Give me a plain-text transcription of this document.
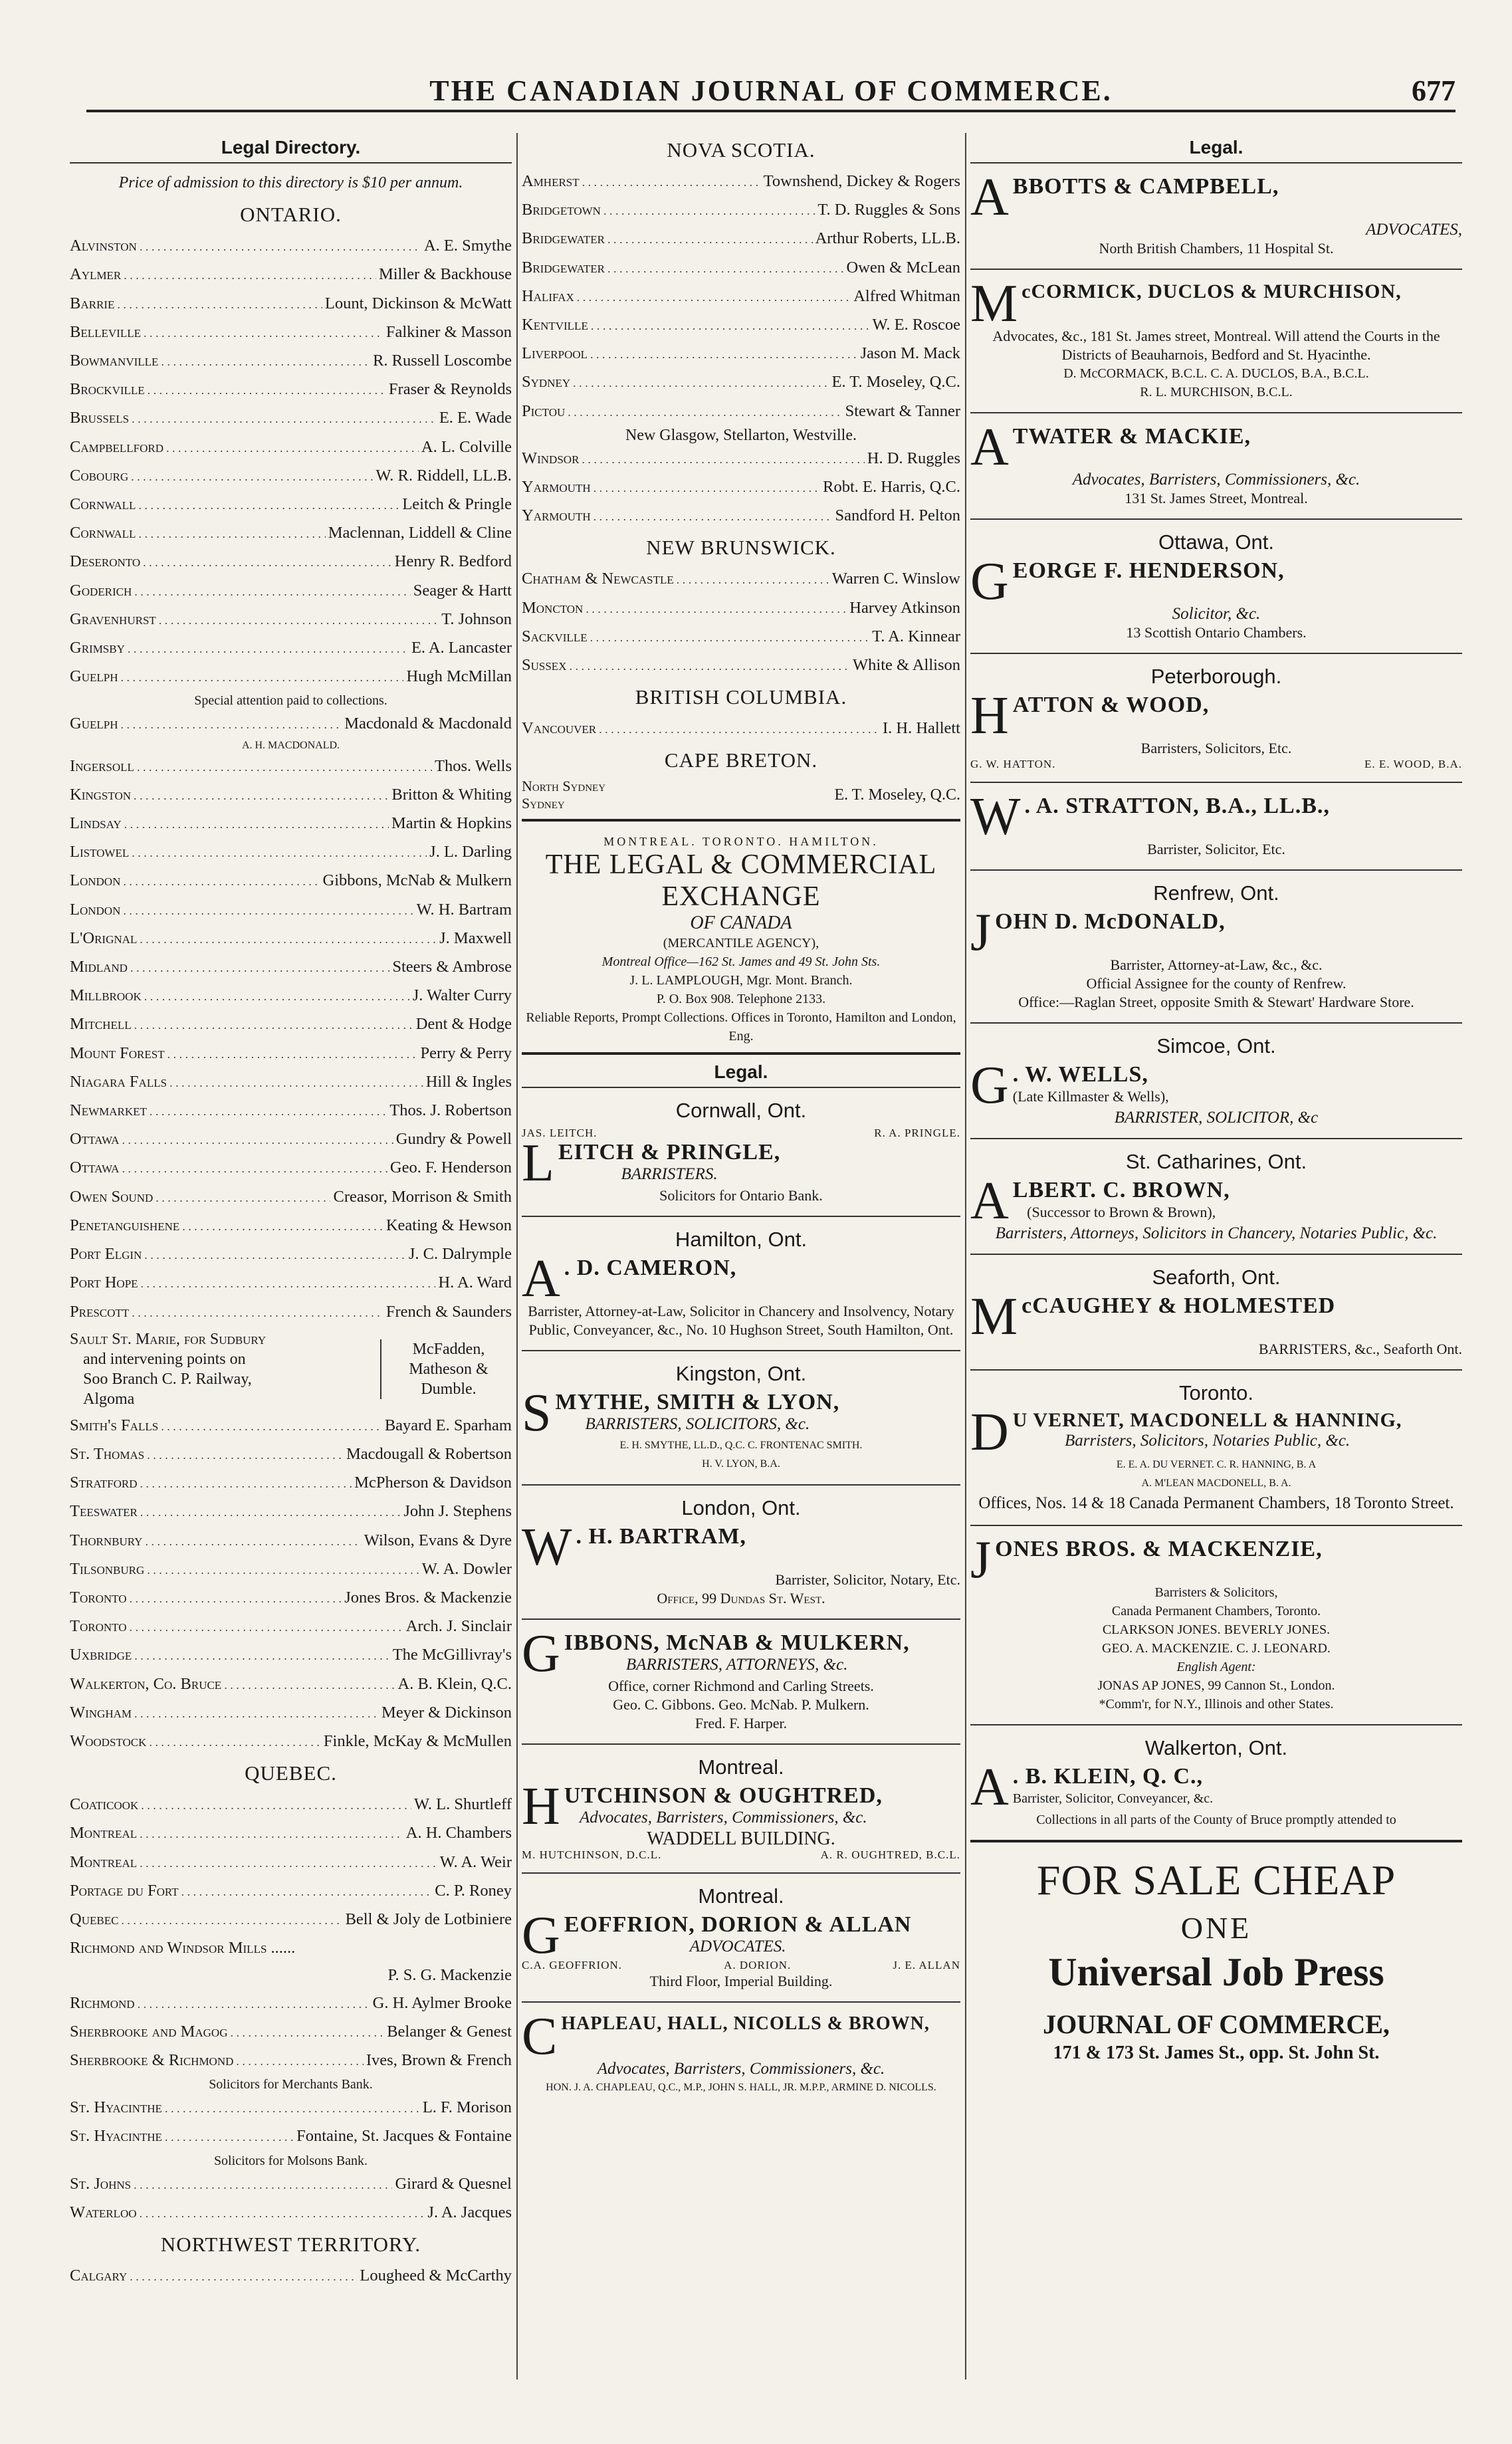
THE CANADIAN JOURNAL OF COMMERCE.	677
Legal Directory.
Price of admission to this directory is $10 per annum.
ONTARIO.
Alvinston . . .	A. E. Smythe
Aylmer . . .	Miller & Backhouse
Barrie . . .	Lount, Dickinson & McWatt
Belleville . . .	Falkiner & Masson
Bowmanville . . .	R. Russell Loscombe
Brockville . . .	Fraser & Reynolds
Brussels . . .	E. E. Wade
Campbellford . . .	A. L. Colville
Cobourg . . .	W. R. Riddell, LL.B.
Cornwall . . .	Leitch & Pringle
Cornwall . . .	Maclennan, Liddell & Cline
Deseronto . . .	Henry R. Bedford
Goderich . . .	Seager & Hartt
Gravenhurst . . .	T. Johnson
Grimsby . . .	E. A. Lancaster
Guelph . . .	Hugh McMillan
Special attention paid to collections.
Guelph . . .	Macdonald & Macdonald
A. H. MACDONALD.
Ingersoll . . .	Thos. Wells
Kingston . . .	Britton & Whiting
Lindsay . . .	Martin & Hopkins
Listowel . . .	J. L. Darling
London . . .	Gibbons, McNab & Mulkern
London . . .	W. H. Bartram
L'Orignal . . .	J. Maxwell
Midland . . .	Steers & Ambrose
Millbrook . . .	J. Walter Curry
Mitchell . . .	Dent & Hodge
Mount Forest . . .	Perry & Perry
Niagara Falls . . .	Hill & Ingles
Newmarket . . .	Thos. J. Robertson
Ottawa . . .	Gundry & Powell
Ottawa . . .	Geo. F. Henderson
Owen Sound . . .	Creasor, Morrison & Smith
Penetanguishene . . .	Keating & Hewson
Port Elgin . . .	J. C. Dalrymple
Port Hope . . .	H. A. Ward
Prescott . . .	French & Saunders
Sault St. Marie, for Sudbury
and intervening points on
Soo Branch C. P. Railway,
Algoma
McFadden, Matheson & Dumble.
Smith's Falls . . .	Bayard E. Sparham
St. Thomas . . .	Macdougall & Robertson
Stratford . . .	McPherson & Davidson
Teeswater . . .	John J. Stephens
Thornbury . . .	Wilson, Evans & Dyre
Tilsonburg . . .	W. A. Dowler
Toronto . . .	Jones Bros. & Mackenzie
Toronto . . .	Arch. J. Sinclair
Uxbridge . . .	The McGillivray's
Walkerton, Co. Bruce . . .	A. B. Klein, Q.C.
Wingham . . .	Meyer & Dickinson
Woodstock . . .	Finkle, McKay & McMullen
QUEBEC.
Coaticook . . .	W. L. Shurtleff
Montreal . . .	A. H. Chambers
Montreal . . .	W. A. Weir
Portage du Fort . . .	C. P. Roney
Quebec . . .	Bell & Joly de Lotbiniere
Richmond and Windsor Mills ......
P. S. G. Mackenzie
Richmond . . .	G. H. Aylmer Brooke
Sherbrooke and Magog . . .	Belanger & Genest
Sherbrooke & Richmond . . .	Ives, Brown & French
Solicitors for Merchants Bank.
St. Hyacinthe . . .	L. F. Morison
St. Hyacinthe . . .	Fontaine, St. Jacques & Fontaine
Solicitors for Molsons Bank.
St. Johns . . .	Girard & Quesnel
Waterloo . . .	J. A. Jacques
NORTHWEST TERRITORY.
Calgary . . .	Lougheed & McCarthy
NOVA SCOTIA.
Amherst . . .	Townshend, Dickey & Rogers
Bridgetown . . .	T. D. Ruggles & Sons
Bridgewater . . .	Arthur Roberts, LL.B.
Bridgewater . . .	Owen & McLean
Halifax . . .	Alfred Whitman
Kentville . . .	W. E. Roscoe
Liverpool . . .	Jason M. Mack
Sydney . . .	E. T. Moseley, Q.C.
Pictou . . .	Stewart & Tanner
New Glasgow, Stellarton, Westville.
Windsor . . .	H. D. Ruggles
Yarmouth . . .	Robt. E. Harris, Q.C.
Yarmouth . . .	Sandford H. Pelton
NEW BRUNSWICK.
Chatham & Newcastle . . .	Warren C. Winslow
Moncton . . .	Harvey Atkinson
Sackville . . .	T. A. Kinnear
Sussex . . .	White & Allison
BRITISH COLUMBIA.
Vancouver . . .	I. H. Hallett
CAPE BRETON.
North Sydney
Sydney	E. T. Moseley, Q.C.
MONTREAL. TORONTO. HAMILTON.
THE LEGAL & COMMERCIAL EXCHANGE
OF CANADA
(MERCANTILE AGENCY),
Montreal Office—162 St. James and 49 St. John Sts.
J. L. LAMPLOUGH, Mgr. Mont. Branch.
P. O. Box 908. Telephone 2133.
Reliable Reports, Prompt Collections. Offices in Toronto, Hamilton and London, Eng.
Legal.
Cornwall, Ont.
JAS. LEITCH.	R. A. PRINGLE.
L EITCH & PRINGLE,
BARRISTERS.
Solicitors for Ontario Bank.
Hamilton, Ont.
A . D. CAMERON,
Barrister, Attorney-at-Law, Solicitor in Chancery and Insolvency, Notary Public, Conveyancer, &c., No. 10 Hughson Street, South Hamilton, Ont.
Kingston, Ont.
S MYTHE, SMITH & LYON,
BARRISTERS, SOLICITORS, &c.
E. H. SMYTHE, LL.D., Q.C. C. FRONTENAC SMITH.
H. V. LYON, B.A.
London, Ont.
W . H. BARTRAM,
Barrister, Solicitor, Notary, Etc.
Office, 99 Dundas St. West.
G IBBONS, McNAB & MULKERN,
BARRISTERS, ATTORNEYS, &c.
Office, corner Richmond and Carling Streets.
Geo. C. Gibbons. Geo. McNab. P. Mulkern.
Fred. F. Harper.
Montreal.
H UTCHINSON & OUGHTRED,
Advocates, Barristers, Commissioners, &c.
WADDELL BUILDING.
M. HUTCHINSON, D.C.L.	A. R. OUGHTRED, B.C.L.
Montreal.
G EOFFRION, DORION & ALLAN
ADVOCATES.
C.A. GEOFFRION.	A. DORION.	J. E. ALLAN
Third Floor, Imperial Building.
C HAPLEAU, HALL, NICOLLS & BROWN,
Advocates, Barristers, Commissioners, &c.
HON. J. A. CHAPLEAU, Q.C., M.P., JOHN S. HALL, JR. M.P.P., ARMINE D. NICOLLS.
Legal.
A BBOTTS & CAMPBELL,
ADVOCATES,
North British Chambers, 11 Hospital St.
M cCORMICK, DUCLOS & MURCHISON,
Advocates, &c., 181 St. James street, Montreal. Will attend the Courts in the Districts of Beauharnois, Bedford and St. Hyacinthe.
D. McCORMACK, B.C.L. C. A. DUCLOS, B.A., B.C.L.
R. L. MURCHISON, B.C.L.
A TWATER & MACKIE,
Advocates, Barristers, Commissioners, &c.
131 St. James Street, Montreal.
Ottawa, Ont.
G EORGE F. HENDERSON,
Solicitor, &c.
13 Scottish Ontario Chambers.
Peterborough.
H ATTON & WOOD,
Barristers, Solicitors, Etc.
G. W. HATTON.	E. E. WOOD, B.A.
W . A. STRATTON, B.A., LL.B.,
Barrister, Solicitor, Etc.
Renfrew, Ont.
J OHN D. McDONALD,
Barrister, Attorney-at-Law, &c., &c.
Official Assignee for the county of Renfrew.
Office:—Raglan Street, opposite Smith & Stewart' Hardware Store.
Simcoe, Ont.
G . W. WELLS,
(Late Killmaster & Wells),
BARRISTER, SOLICITOR, &c
St. Catharines, Ont.
A LBERT. C. BROWN,
(Successor to Brown & Brown),
Barristers, Attorneys, Solicitors in Chancery, Notaries Public, &c.
Seaforth, Ont.
M cCAUGHEY & HOLMESTED
BARRISTERS, &c., Seaforth Ont.
Toronto.
D U VERNET, MACDONELL & HANNING,
Barristers, Solicitors, Notaries Public, &c.
E. E. A. DU VERNET. C. R. HANNING, B. A
A. M'LEAN MACDONELL, B. A.
Offices, Nos. 14 & 18 Canada Permanent Chambers, 18 Toronto Street.
J ONES BROS. & MACKENZIE,
Barristers & Solicitors,
Canada Permanent Chambers, Toronto.
CLARKSON JONES. BEVERLY JONES.
GEO. A. MACKENZIE. C. J. LEONARD.
English Agent:
JONAS AP JONES, 99 Cannon St., London.
*Comm'r, for N.Y., Illinois and other States.
Walkerton, Ont.
A . B. KLEIN, Q. C.,
Barrister, Solicitor, Conveyancer, &c.
Collections in all parts of the County of Bruce promptly attended to
FOR SALE CHEAP
ONE
Universal Job Press
JOURNAL OF COMMERCE,
171 & 173 St. James St., opp. St. John St.
